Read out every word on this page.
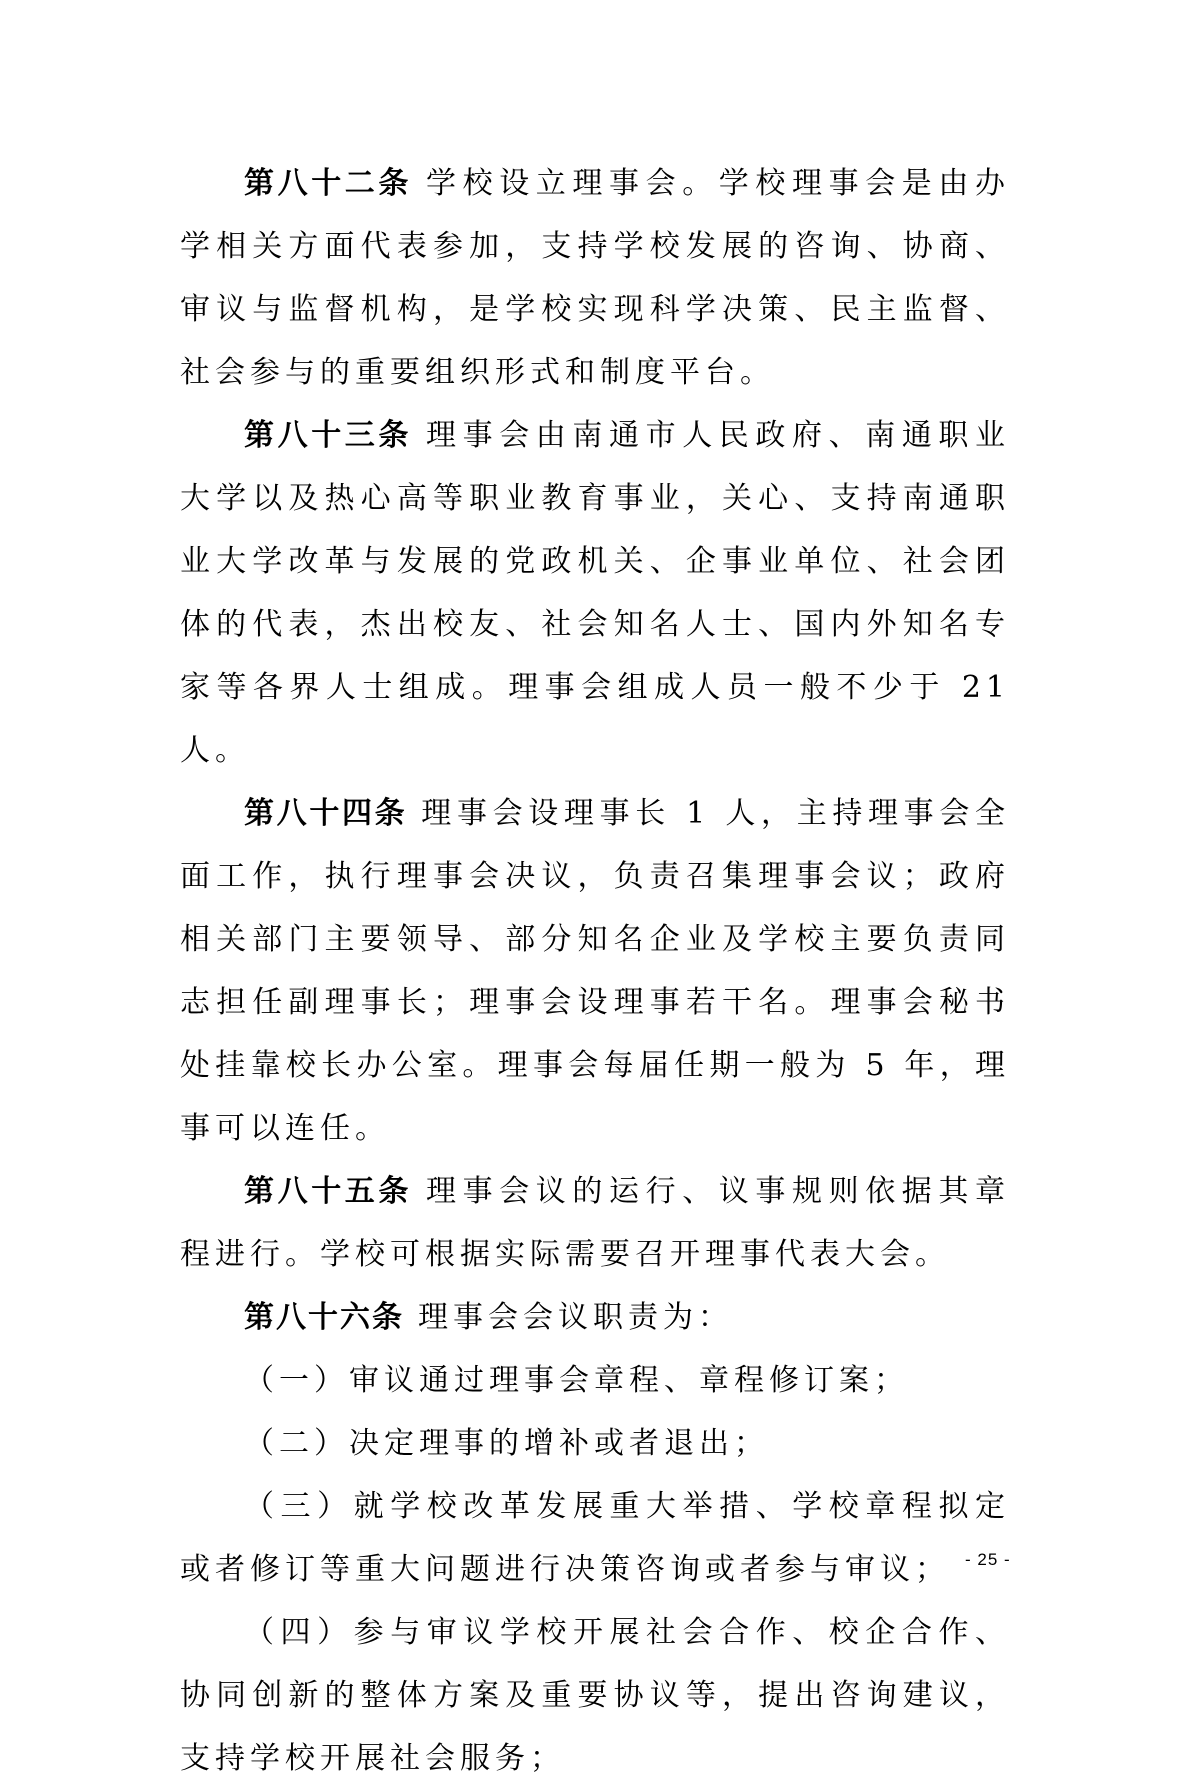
第八十二条 学校设立理事会。学校理事会是由办学相关方面代表参加，支持学校发展的咨询、协商、审议与监督机构，是学校实现科学决策、民主监督、社会参与的重要组织形式和制度平台。

第八十三条 理事会由南通市人民政府、南通职业大学以及热心高等职业教育事业，关心、支持南通职业大学改革与发展的党政机关、企事业单位、社会团体的代表，杰出校友、社会知名人士、国内外知名专家等各界人士组成。理事会组成人员一般不少于 21 人。

第八十四条 理事会设理事长 1 人，主持理事会全面工作，执行理事会决议，负责召集理事会议；政府相关部门主要领导、部分知名企业及学校主要负责同志担任副理事长；理事会设理事若干名。理事会秘书处挂靠校长办公室。理事会每届任期一般为 5 年，理事可以连任。

第八十五条 理事会议的运行、议事规则依据其章程进行。学校可根据实际需要召开理事代表大会。

第八十六条 理事会会议职责为：

（一）审议通过理事会章程、章程修订案；

（二）决定理事的增补或者退出；

（三）就学校改革发展重大举措、学校章程拟定或者修订等重大问题进行决策咨询或者参与审议；

（四）参与审议学校开展社会合作、校企合作、协同创新的整体方案及重要协议等，提出咨询建议，支持学校开展社会服务；

- 25 -
